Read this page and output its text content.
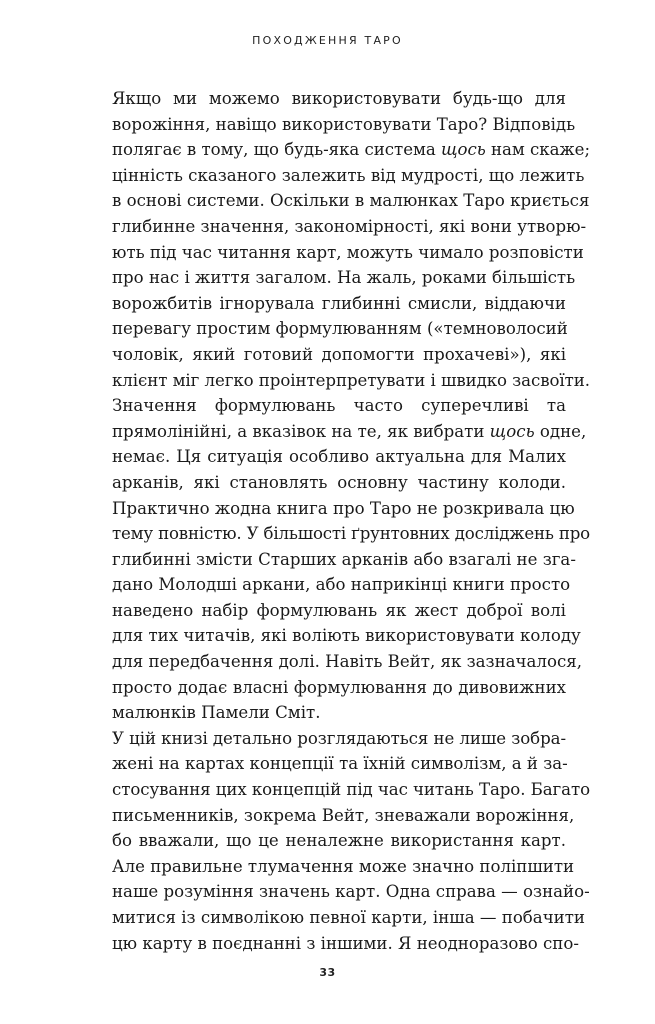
ПОХОДЖЕННЯ ТАРО

Якщо ми можемо використовувати будь-що для
ворожіння, навіщо використовувати Таро? Відповідь
полягає в тому, що будь-яка система щось нам скаже;
цінність сказаного залежить від мудрості, що лежить
в основі системи. Оскільки в малюнках Таро криється
глибинне значення, закономірності, які вони утворю-
ють під час читання карт, можуть чимало розповісти
про нас і життя загалом. На жаль, роками більшість
ворожбитів ігнорувала глибинні смисли, віддаючи
перевагу простим формулюванням («темноволосий
чоловік, який готовий допомогти прохачеві»), які
клієнт міг легко проінтерпретувати і швидко засвоїти.

Значення формулювань часто суперечливі та
прямолінійні, а вказівок на те, як вибрати щось одне,
немає. Ця ситуація особливо актуальна для Малих
арканів, які становлять основну частину колоди.
Практично жодна книга про Таро не розкривала цю
тему повністю. У більшості ґрунтовних досліджень про
глибинні змісти Старших арканів або взагалі не зга-
дано Молодші аркани, або наприкінці книги просто
наведено набір формулювань як жест доброї волі
для тих читачів, які воліють використовувати колоду
для передбачення долі. Навіть Вейт, як зазначалося,
просто додає власні формулювання до дивовижних
малюнків Памели Сміт.

У цій книзі детально розглядаються не лише зобра-
жені на картах концепції та їхній символізм, а й за-
стосування цих концепцій під час читань Таро. Багато
письменників, зокрема Вейт, зневажали ворожіння,
бо вважали, що це неналежне використання карт.
Але правильне тлумачення може значно поліпшити
наше розуміння значень карт. Одна справа — ознайо-
митися із символікою певної карти, інша — побачити
цю карту в поєднанні з іншими. Я неодноразово спо-

33
